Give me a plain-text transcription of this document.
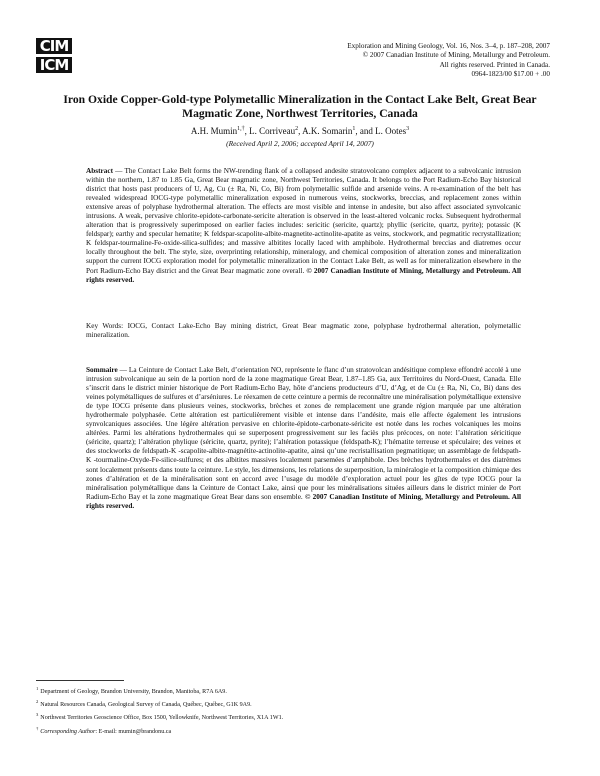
CIM
ICM
Exploration and Mining Geology, Vol. 16, Nos. 3–4, p. 187–208, 2007
© 2007 Canadian Institute of Mining, Metallurgy and Petroleum.
All rights reserved. Printed in Canada.
0964-1823/00 $17.00 + .00
Iron Oxide Copper-Gold-type Polymetallic Mineralization in the Contact Lake Belt, Great Bear Magmatic Zone, Northwest Territories, Canada
A.H. Mumin$^{1,\dagger}$, L. Corriveau$^2$, A.K. Somarin$^1$, and L. Ootes$^3$
(Received April 2, 2006; accepted April 14, 2007)
Abstract — The Contact Lake Belt forms the NW-trending flank of a collapsed andesite stratovolcano complex adjacent to a subvolcanic intrusion within the northern, 1.87 to 1.85 Ga, Great Bear magmatic zone, Northwest Territories, Canada. It belongs to the Port Radium-Echo Bay historical district that hosts past producers of U, Ag, Cu (± Ra, Ni, Co, Bi) from polymetallic sulfide and arsenide veins. A re-examination of the belt has revealed widespread IOCG-type polymetallic mineralization exposed in numerous veins, stockworks, breccias, and replacement zones within extensive areas of polyphase hydrothermal alteration. The effects are most visible and intense in andesite, but also affect associated synvolcanic intrusions. A weak, pervasive chlorite-epidote-carbonate-sericite alteration is observed in the least-altered volcanic rocks. Subsequent hydrothermal alteration that is progressively superimposed on earlier facies includes: sericitic (sericite, quartz); phyllic (sericite, quartz, pyrite); potassic (K feldspar); earthy and specular hematite; K feldspar-scapolite-albite-magnetite-actinolite-apatite as veins, stockwork, and pegmatitic recrystallization; K feldspar-tourmaline-Fe-oxide-silica-sulfides; and massive albitites locally laced with amphibole. Hydrothermal breccias and diatremes occur locally throughout the belt. The style, size, overprinting relationship, mineralogy, and chemical composition of alteration zones and mineralization support the current IOCG exploration model for polymetallic mineralization in the Contact Lake Belt, as well as for mineralization elsewhere in the Port Radium-Echo Bay district and the Great Bear magmatic zone overall. © 2007 Canadian Institute of Mining, Metallurgy and Petroleum. All rights reserved.
Key Words: IOCG, Contact Lake-Echo Bay mining district, Great Bear magmatic zone, polyphase hydrothermal alteration, polymetallic mineralization.
Sommaire — La Ceinture de Contact Lake Belt, d’orientation NO, représente le flanc d’un stratovolcan andésitique complexe effondré accolé à une intrusion subvolcanique au sein de la portion nord de la zone magmatique Great Bear, 1.87–1.85 Ga, aux Territoires du Nord-Ouest, Canada. Elle s’inscrit dans le district minier historique de Port Radium-Echo Bay, hôte d’anciens producteurs d’U, d’Ag, et de Cu (± Ra, Ni, Co, Bi) dans des veines polymétalliques de sulfures et d’arséniures. Le réexamen de cette ceinture a permis de reconnaître une minéralisation polymétallique extensive de type IOCG présente dans plusieurs veines, stockworks, brèches et zones de remplacement une grande région marquée par une altération hydrothermale polyphasée. Cette altération est particulièrement visible et intense dans l’andésite, mais elle affecte également les intrusions synvolcaniques associées. Une légère altération pervasive en chlorite-épidote-carbonate-séricite est notée dans les roches volcaniques les moins altérées. Parmi les altérations hydrothermales qui se superposent progressivement sur les faciès plus précoces, on note: l’altération séricitique (séricite, quartz); l’altération phylique (séricite, quartz, pyrite); l’altération potassique (feldspath-K); l’hématite terreuse et spéculaire; des veines et des stockworks de feldspath-K -scapolite-albite-magnétite-actinolite-apatite, ainsi qu’une recristallisation pegmatitique; un assemblage de feldspath-K -tourmaline-Oxyde-Fe-silice-sulfures; et des albitites massives localement parsemées d’amphibole. Des brèches hydrothermales et des diatrèmes sont localement présents dans toute la ceinture. Le style, les dimensions, les relations de superposition, la minéralogie et la composition chimique des zones d’altération et de la minéralisation sont en accord avec l’usage du modèle d’exploration actuel pour les gîtes de type IOCG pour la minéralisation polymétallique dans la Ceinture de Contact Lake, ainsi que pour les minéralisations situées ailleurs dans le district minier de Port Radium-Echo Bay et la zone magmatique Great Bear dans son ensemble. © 2007 Canadian Institute of Mining, Metallurgy and Petroleum. All rights reserved.
$^1$Department of Geology, Brandon University, Brandon, Manitoba, R7A 6A9.
$^2$Natural Resources Canada, Geological Survey of Canada, Québec, Québec, G1K 9A9.
$^3$Northwest Territories Geoscience Office, Box 1500, Yellowknife, Northwest Territories, X1A 1W1.
†Corresponding Author: E-mail: mumin@brandonu.ca
